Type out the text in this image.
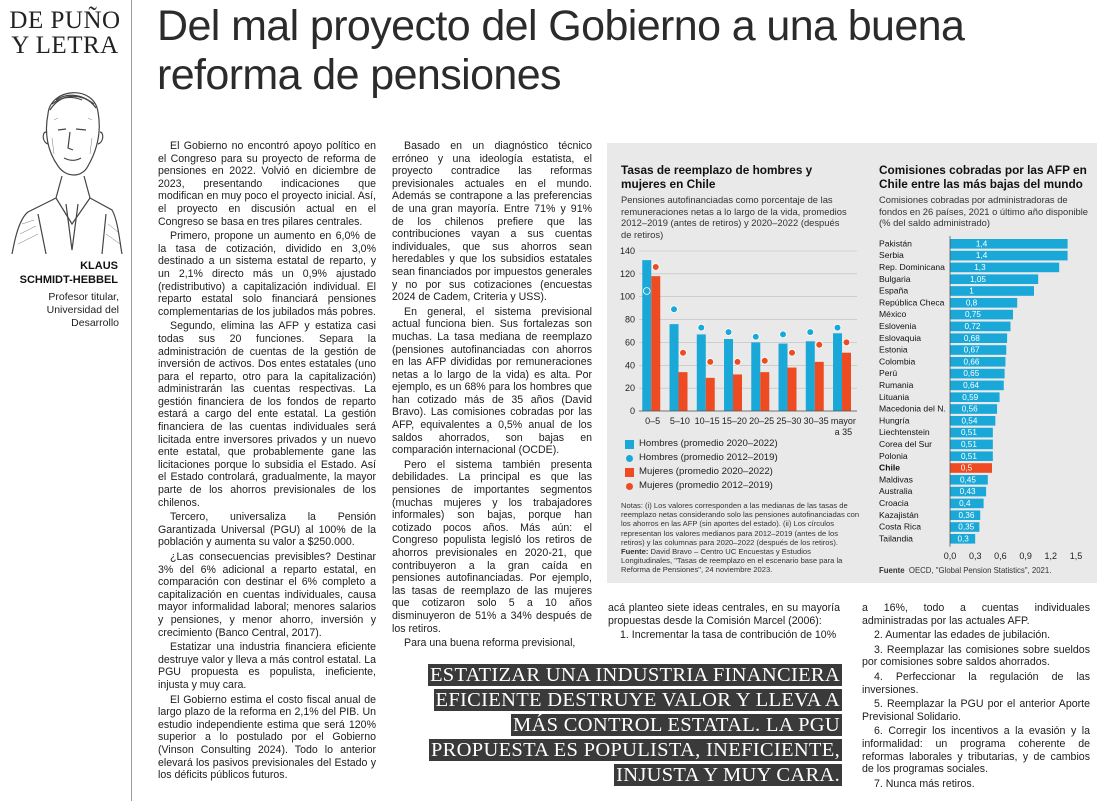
DE PUÑO
Y LETRA
KLAUS
SCHMIDT-HEBBEL
Profesor titular,
Universidad del Desarrollo
Del mal proyecto del Gobierno a una buena
reforma de pensiones

El Gobierno no encontró apoyo político en el Congreso para su proyecto de reforma de pensiones en 2022. Volvió en diciembre de 2023, presentando indicaciones que modifican en muy poco el proyecto inicial. Así, el proyecto en discusión actual en el Congreso se basa en tres pilares centrales.

Primero, propone un aumento en 6,0% de la tasa de cotización, dividido en 3,0% destinado a un sistema estatal de reparto, y un 2,1% directo más un 0,9% ajustado (redistributivo) a capitalización individual. El reparto estatal solo financiará pensiones complementarias de los jubilados más pobres.

Segundo, elimina las AFP y estatiza casi todas sus 20 funciones. Separa la administración de cuentas de la gestión de inversión de activos. Dos entes estatales (uno para el reparto, otro para la capitalización) administrarán las cuentas respectivas. La gestión financiera de los fondos de reparto estará a cargo del ente estatal. La gestión financiera de las cuentas individuales será licitada entre inversores privados y un nuevo ente estatal, que probablemente gane las licitaciones porque lo subsidia el Estado. Así el Estado controlará, gradualmente, la mayor parte de los ahorros previsionales de los chilenos.

Tercero, universaliza la Pensión Garantizada Universal (PGU) al 100% de la población y aumenta su valor a $250.000.

¿Las consecuencias previsibles? Destinar 3% del 6% adicional a reparto estatal, en comparación con destinar el 6% completo a capitalización en cuentas individuales, causa mayor informalidad laboral; menores salarios y pensiones, y menor ahorro, inversión y crecimiento (Banco Central, 2017).

Estatizar una industria financiera eficiente destruye valor y lleva a más control estatal. La PGU propuesta es populista, ineficiente, injusta y muy cara.

El Gobierno estima el costo fiscal anual de largo plazo de la reforma en 2,1% del PIB. Un estudio independiente estima que será 120% superior a lo postulado por el Gobierno (Vinson Consulting 2024). Todo lo anterior elevará los pasivos previsionales del Estado y los déficits públicos futuros.

Basado en un diagnóstico técnico erróneo y una ideología estatista, el proyecto contradice las reformas previsionales actuales en el mundo. Además se contrapone a las preferencias de una gran mayoría. Entre 71% y 91% de los chilenos prefiere que las contribuciones vayan a sus cuentas individuales, que sus ahorros sean heredables y que los subsidios estatales sean financiados por impuestos generales y no por sus cotizaciones (encuestas 2024 de Cadem, Criteria y USS).

En general, el sistema previsional actual funciona bien. Sus fortalezas son muchas. La tasa mediana de reemplazo (pensiones autofinanciadas con ahorros en las AFP divididas por remuneraciones netas a lo largo de la vida) es alta. Por ejemplo, es un 68% para los hombres que han cotizado más de 35 años (David Bravo). Las comisiones cobradas por las AFP, equivalentes a 0,5% anual de los saldos ahorrados, son bajas en comparación internacional (OCDE).

Pero el sistema también presenta debilidades. La principal es que las pensiones de importantes segmentos (muchas mujeres y los trabajadores informales) son bajas, porque han cotizado pocos años. Más aún: el Congreso populista legisló los retiros de ahorros previsionales en 2020-21, que contribuyeron a la gran caída en pensiones autofinanciadas. Por ejemplo, las tasas de reemplazo de las mujeres que cotizaron solo 5 a 10 años disminuyeron de 51% a 34% después de los retiros.

Para una buena reforma previsional,

acá planteo siete ideas centrales, en su mayoría propuestas desde la Comisión Marcel (2006):

1. Incrementar la tasa de contribución de 10%

a 16%, todo a cuentas individuales administradas por las actuales AFP.

2. Aumentar las edades de jubilación.

3. Reemplazar las comisiones sobre sueldos por comisiones sobre saldos ahorrados.

4. Perfeccionar la regulación de las inversiones.

5. Reemplazar la PGU por el anterior Aporte Previsional Solidario.

6. Corregir los incentivos a la evasión y la informalidad: un programa coherente de reformas laborales y tributarias, y de cambios de los programas sociales.

7. Nunca más retiros.

ESTATIZAR UNA INDUSTRIA FINANCIERA
EFICIENTE DESTRUYE VALOR Y LLEVA A
MÁS CONTROL ESTATAL. LA PGU
PROPUESTA ES POPULISTA, INEFICIENTE,
INJUSTA Y MUY CARA.
Tasas de reemplazo de hombres y mujeres en Chile
Pensiones autofinanciadas como porcentaje de las remuneraciones netas a lo largo de la vida, promedios 2012–2019 (antes de retiros) y 2020–2022 (después de retiros)
0
20
40
60
80
100
120
140
0–5 5–10 10–15 15–20 20–25 25–30 30–35 mayor a 35
Hombres (promedio 2020–2022)
Hombres (promedio 2012–2019)
Mujeres (promedio 2020–2022)
Mujeres (promedio 2012–2019)
Notas: (i) Los valores corresponden a las medianas de las tasas de reemplazo netas considerando solo las pensiones autofinanciadas con los ahorros en las AFP (sin aportes del estado). (ii) Los círculos representan los valores medianos para 2012–2019 (antes de los retiros) y las columnas para 2020–2022 (después de los retiros).
Fuente: David Bravo – Centro UC Encuestas y Estudios Longitudinales, "Tasas de reemplazo en el escenario base para la Reforma de Pensiones", 24 noviembre 2023.
Comisiones cobradas por las AFP en Chile entre las más bajas del mundo
Comisiones cobradas por administradoras de fondos en 26 países, 2021 o último año disponible (% del saldo administrado)
Pakistán	1,4
Serbia	1,4
Rep. Dominicana	1,3
Bulgaria	1,05
España	1
República Checa	0,8
México	0,75
Eslovenia	0,72
Eslovaquia	0,68
Estonia	0,67
Colombia	0,66
Perú	0,65
Rumania	0,64
Lituania	0,59
Macedonia del N. 0,56
Hungría	0,54
Liechtenstein	0,51
Corea del Sur	0,51
Polonia	0,51
Chile	0,5
Maldivas	0,45
Australia	0,43
Croacia	0,4
Kazajistán	0,36
Costa Rica	0,35
Tailandia	0,3
0,0 0,3 0,6 0,9 1,2 1,5
Fuente OECD, "Global Pension Statistics", 2021.
